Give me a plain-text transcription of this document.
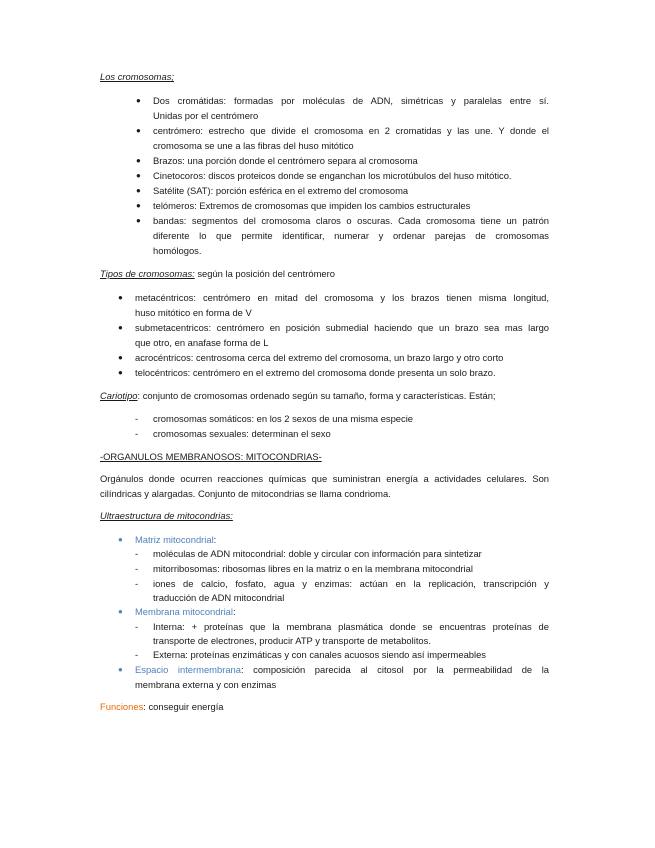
Los cromosomas;
● Dos cromátidas: formadas por moléculas de ADN, simétricas y paralelas entre sí.
Unidas por el centrómero
● centrómero: estrecho que divide el cromosoma en 2 cromatidas y las une. Y donde el
cromosoma se une a las fibras del huso mitótico
● Brazos: una porción donde el centrómero separa al cromosoma
● Cinetocoros: discos proteicos donde se enganchan los microtúbulos del huso mitótico.
● Satélite (SAT): porción esférica en el extremo del cromosoma
● telómeros: Extremos de cromosomas que impiden los cambios estructurales
● bandas: segmentos del cromosoma claros o oscuras. Cada cromosoma tiene un patrón
diferente lo que permite identificar, numerar y ordenar parejas de cromosomas
homólogos.
Tipos de cromosomas: según la posición del centrómero
● metacéntricos: centrómero en mitad del cromosoma y los brazos tienen misma longitud,
huso mitótico en forma de V
● submetacentricos: centrómero en posición submedial haciendo que un brazo sea mas largo
que otro, en anafase forma de L
● acrocéntricos: centrosoma cerca del extremo del cromosoma, un brazo largo y otro corto
● telocéntricos: centrómero en el extremo del cromosoma donde presenta un solo brazo.
Cariotipo: conjunto de cromosomas ordenado según su tamaño, forma y características. Están;
- cromosomas somáticos: en los 2 sexos de una misma especie
- cromosomas sexuales: determinan el sexo
-ORGANULOS MEMBRANOSOS: MITOCONDRIAS-
Orgánulos donde ocurren reacciones químicas que suministran energía a actividades celulares. Son
cilíndricas y alargadas. Conjunto de mitocondrias se llama condrioma.
Ultraestructura de mitocondrias:
● Matriz mitocondrial:
- moléculas de ADN mitocondrial: doble y circular con información para sintetizar
- mitorribosomas: ribosomas libres en la matriz o en la membrana mitocondrial
- iones de calcio, fosfato, agua y enzimas: actúan en la replicación, transcripción y
traducción de ADN mitocondrial
● Membrana mitocondrial:
- Interna: + proteínas que la membrana plasmática donde se encuentras proteínas de
transporte de electrones, producir ATP y transporte de metabolitos.
- Externa: proteínas enzimáticas y con canales acuosos siendo así impermeables
● Espacio intermembrana: composición parecida al citosol por la permeabilidad de la
membrana externa y con enzimas
Funciones: conseguir energía
